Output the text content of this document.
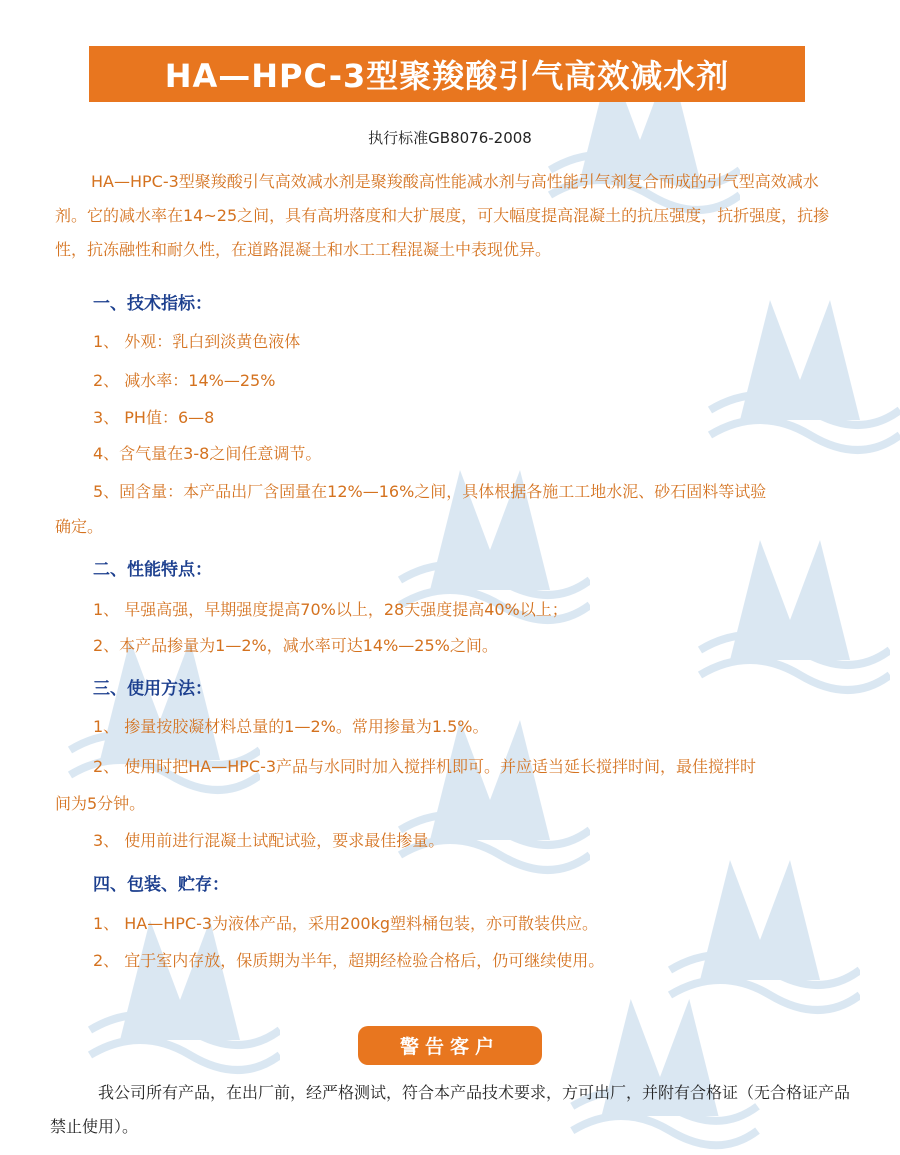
HA—HPC-3型聚羧酸引气高效减水剂
执行标准GB8076-2008
HA—HPC-3型聚羧酸引气高效减水剂是聚羧酸高性能减水剂与高性能引气剂复合而成的引气型高效减水剂。它的减水率在14~25之间，具有高坍落度和大扩展度，可大幅度提高混凝土的抗压强度，抗折强度，抗掺性，抗冻融性和耐久性，在道路混凝土和水工工程混凝土中表现优异。
一、技术指标：
1、 外观：乳白到淡黄色液体
2、 减水率：14%—25%
3、 PH值：6—8
4、含气量在3-8之间任意调节。
5、固含量：本产品出厂含固量在12%—16%之间，具体根据各施工工地水泥、砂石固料等试验
确定。
二、性能特点：
1、 早强高强，早期强度提高70%以上，28天强度提高40%以上；
2、本产品掺量为1—2%，减水率可达14%—25%之间。
三、使用方法：
1、 掺量按胶凝材料总量的1—2%。常用掺量为1.5%。
2、 使用时把HA—HPC-3产品与水同时加入搅拌机即可。并应适当延长搅拌时间，最佳搅拌时
间为5分钟。
3、 使用前进行混凝土试配试验，要求最佳掺量。
四、包装、贮存：
1、 HA—HPC-3为液体产品，采用200kg塑料桶包装，亦可散装供应。
2、 宜于室内存放，保质期为半年，超期经检验合格后，仍可继续使用。
警告客户
我公司所有产品，在出厂前，经严格测试，符合本产品技术要求，方可出厂，并附有合格证（无合格证产品禁止使用）。
